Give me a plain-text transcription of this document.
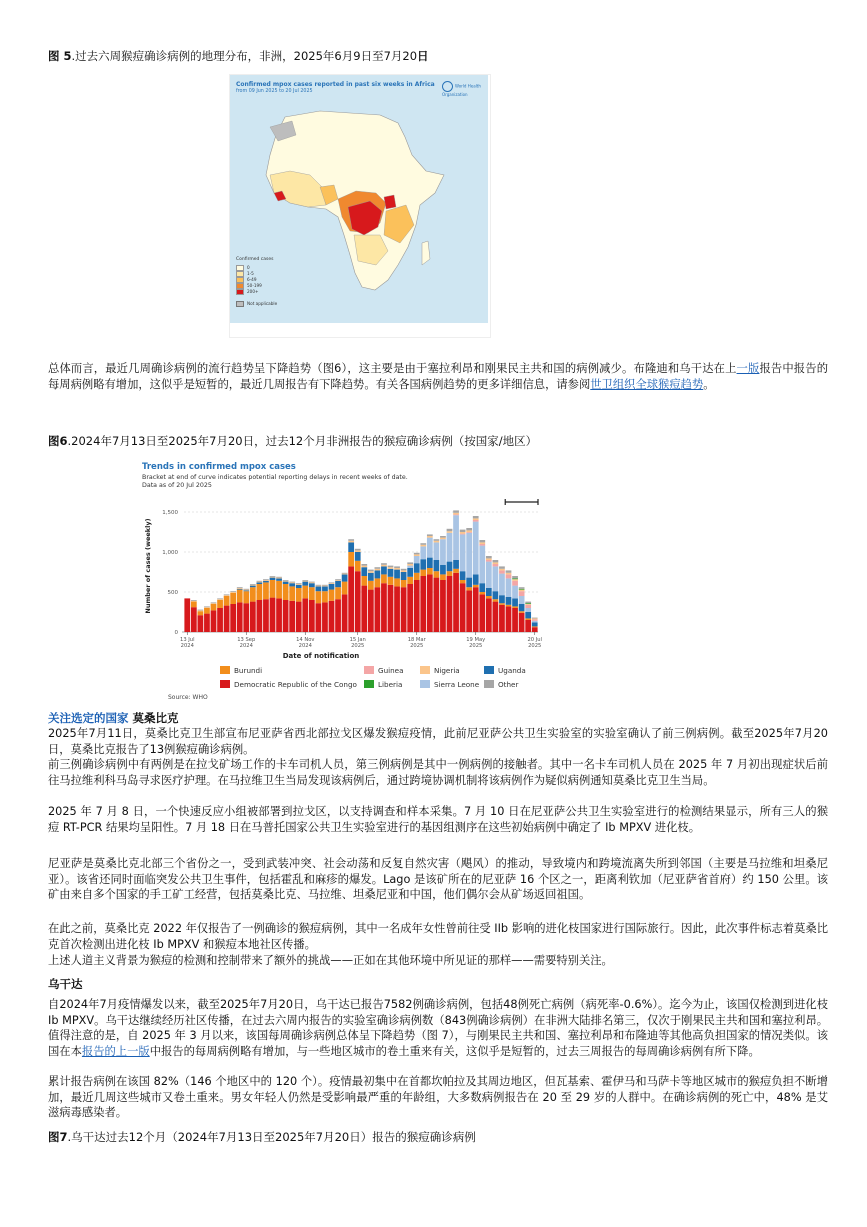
图 5.过去六周猴痘确诊病例的地理分布，非洲，2025年6月9日至7月20日
Confirmed mpox cases reported in past six weeks in Africa
from 09 Jun 2025 to 20 Jul 2025
World Health Organization
Confirmed cases
Not applicable
0
1-5
6-49
50-199
200+
总体而言，最近几周确诊病例的流行趋势呈下降趋势（图6），这主要是由于塞拉利昂和刚果民主共和国的病例减少。布隆迪和乌干达在上一版报告中报告的每周病例略有增加，这似乎是短暂的，最近几周报告有下降趋势。有关各国病例趋势的更多详细信息，请参阅世卫组织全球猴痘趋势。
图6.2024年7月13日至2025年7月20日，过去12个月非洲报告的猴痘确诊病例（按国家/地区）
Trends in confirmed mpox cases
Bracket at end of curve indicates potential reporting delays in recent weeks of date.
Data as of 20 Jul 2025
0
500
1,000
1,500
13 Jul
2024
13 Sep
2024
14 Nov
2024
15 Jan
2025
18 Mar
2025
19 May
2025
20 Jul
2025
Date of notification
Number of cases (weekly)
Source: WHO
Burundi	Guinea	Nigeria	Uganda
Democratic Republic of the Congo	Liberia	Sierra Leone	Other
关注选定的国家 莫桑比克
2025年7月11日，莫桑比克卫生部宣布尼亚萨省西北部拉戈区爆发猴痘疫情，此前尼亚萨公共卫生实验室的实验室确认了前三例病例。截至2025年7月20日，莫桑比克报告了13例猴痘确诊病例。
前三例确诊病例中有两例是在拉戈矿场工作的卡车司机人员，第三例病例是其中一例病例的接触者。其中一名卡车司机人员在 2025 年 7 月初出现症状后前往马拉维利科马岛寻求医疗护理。在马拉维卫生当局发现该病例后，通过跨境协调机制将该病例作为疑似病例通知莫桑比克卫生当局。
2025 年 7 月 8 日，一个快速反应小组被部署到拉戈区，以支持调查和样本采集。7 月 10 日在尼亚萨公共卫生实验室进行的检测结果显示，所有三人的猴痘 RT-PCR 结果均呈阳性。7 月 18 日在马普托国家公共卫生实验室进行的基因组测序在这些初始病例中确定了 Ib MPXV 进化枝。
尼亚萨是莫桑比克北部三个省份之一，受到武装冲突、社会动荡和反复自然灾害（飓风）的推动，导致境内和跨境流离失所到邻国（主要是马拉维和坦桑尼亚）。该省还同时面临突发公共卫生事件，包括霍乱和麻疹的爆发。Lago 是该矿所在的尼亚萨 16 个区之一，距离利钦加（尼亚萨省首府）约 150 公里。该矿由来自多个国家的手工矿工经营，包括莫桑比克、马拉维、坦桑尼亚和中国，他们偶尔会从矿场返回祖国。
在此之前，莫桑比克 2022 年仅报告了一例确诊的猴痘病例，其中一名成年女性曾前往受 IIb 影响的进化枝国家进行国际旅行。因此，此次事件标志着莫桑比克首次检测出进化枝 Ib MPXV 和猴痘本地社区传播。
上述人道主义背景为猴痘的检测和控制带来了额外的挑战——正如在其他环境中所见证的那样——需要特别关注。
乌干达
自2024年7月疫情爆发以来，截至2025年7月20日，乌干达已报告7582例确诊病例，包括48例死亡病例（病死率-0.6%）。迄今为止，该国仅检测到进化枝 Ib MPXV。乌干达继续经历社区传播，在过去六周内报告的实验室确诊病例数（843例确诊病例）在非洲大陆排名第三，仅次于刚果民主共和国和塞拉利昂。值得注意的是，自 2025 年 3 月以来，该国每周确诊病例总体呈下降趋势（图 7），与刚果民主共和国、塞拉利昂和布隆迪等其他高负担国家的情况类似。该国在本报告的上一版中报告的每周病例略有增加，与一些地区城市的卷土重来有关，这似乎是短暂的，过去三周报告的每周确诊病例有所下降。
累计报告病例在该国 82%（146 个地区中的 120 个）。疫情最初集中在首都坎帕拉及其周边地区，但瓦基索、霍伊马和马萨卡等地区城市的猴痘负担不断增加，最近几周这些城市又卷土重来。男女年轻人仍然是受影响最严重的年龄组，大多数病例报告在 20 至 29 岁的人群中。在确诊病例的死亡中，48% 是艾滋病毒感染者。
图7.乌干达过去12个月（2024年7月13日至2025年7月20日）报告的猴痘确诊病例
